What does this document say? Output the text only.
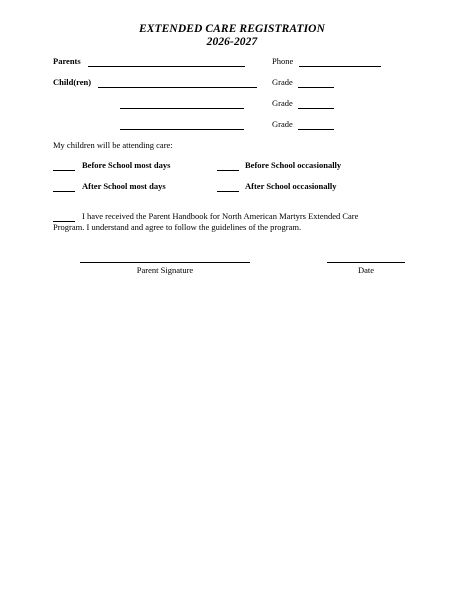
EXTENDED CARE REGISTRATION
2026-2027
Parents	Phone
Child(ren)	Grade
Grade
Grade
My children will be attending care:
Before School most days	Before School occasionally
After School most days	After School occasionally
I have received the Parent Handbook for North American Martyrs Extended Care
Program. I understand and agree to follow the guidelines of the program.
Parent Signature	Date
